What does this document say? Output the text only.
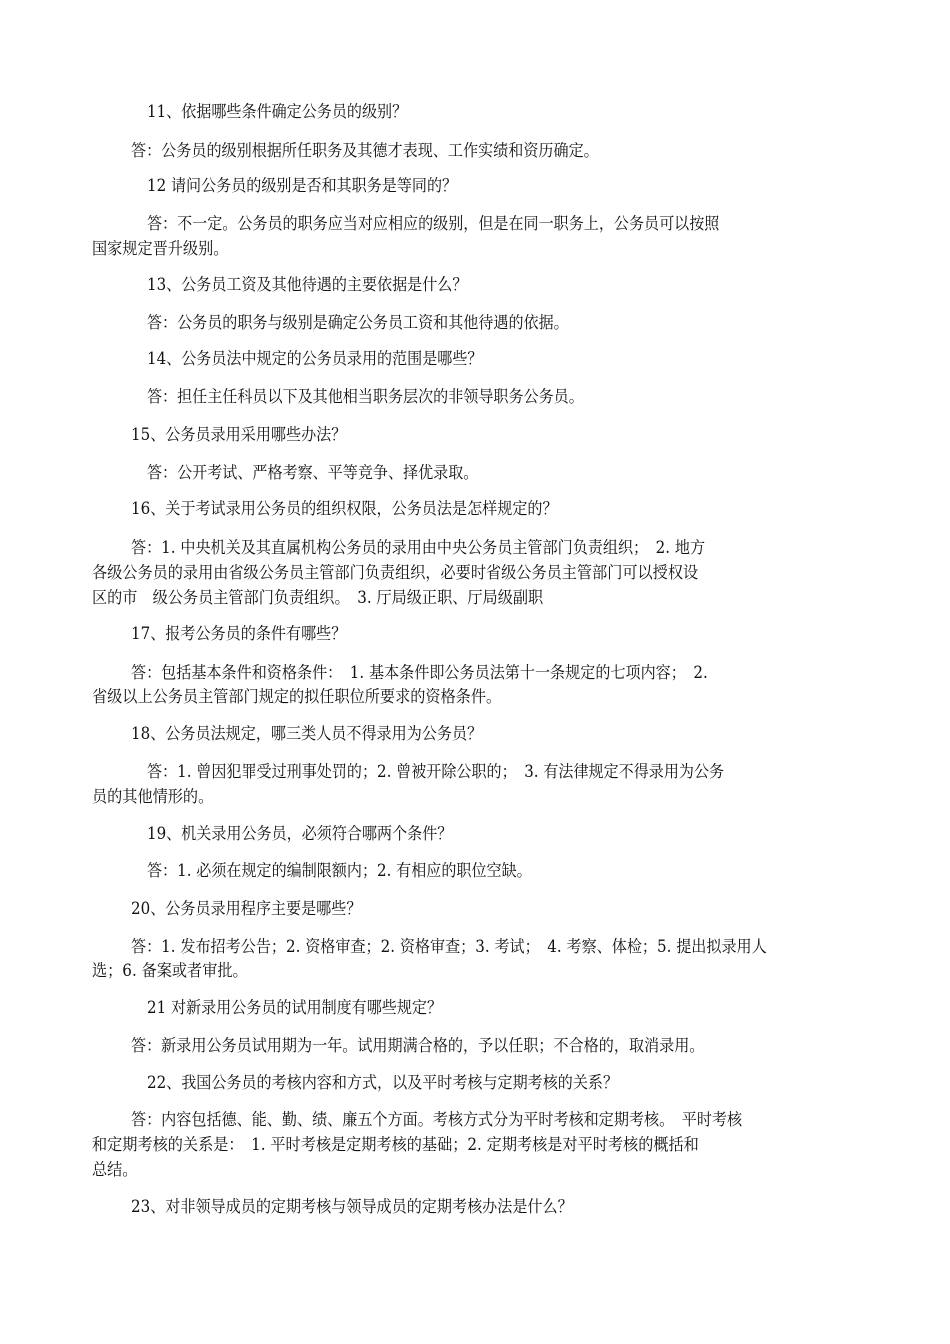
11、依据哪些条件确定公务员的级别？
答：公务员的级别根据所任职务及其德才表现、工作实绩和资历确定。
12 请问公务员的级别是否和其职务是等同的？
答：不一定。公务员的职务应当对应相应的级别，但是在同一职务上，公务员可以按照
国家规定晋升级别。
13、公务员工资及其他待遇的主要依据是什么？
答：公务员的职务与级别是确定公务员工资和其他待遇的依据。
14、公务员法中规定的公务员录用的范围是哪些？
答：担任主任科员以下及其他相当职务层次的非领导职务公务员。
15、公务员录用采用哪些办法？
答：公开考试、严格考察、平等竞争、择优录取。
16、关于考试录用公务员的组织权限，公务员法是怎样规定的？
答：1. 中央机关及其直属机构公务员的录用由中央公务员主管部门负责组织；　2. 地方
各级公务员的录用由省级公务员主管部门负责组织，必要时省级公务员主管部门可以授权设
区的市　级公务员主管部门负责组织。　3. 厅局级正职、厅局级副职
17、报考公务员的条件有哪些？
答：包括基本条件和资格条件：　1. 基本条件即公务员法第十一条规定的七项内容；　2.
省级以上公务员主管部门规定的拟任职位所要求的资格条件。
18、公务员法规定，哪三类人员不得录用为公务员？
答：1. 曾因犯罪受过刑事处罚的；2. 曾被开除公职的；　3. 有法律规定不得录用为公务
员的其他情形的。
19、机关录用公务员，必须符合哪两个条件？
答：1. 必须在规定的编制限额内；2. 有相应的职位空缺。
20、公务员录用程序主要是哪些？
答：1. 发布招考公告；2. 资格审查；2. 资格审查；3. 考试；　4. 考察、体检；5. 提出拟录用人
选；6. 备案或者审批。
21 对新录用公务员的试用制度有哪些规定？
答：新录用公务员试用期为一年。试用期满合格的，予以任职；不合格的，取消录用。
22、我国公务员的考核内容和方式，以及平时考核与定期考核的关系？
答：内容包括德、能、勤、绩、廉五个方面。考核方式分为平时考核和定期考核。　平时考核
和定期考核的关系是：　1. 平时考核是定期考核的基础；2. 定期考核是对平时考核的概括和
总结。
23、对非领导成员的定期考核与领导成员的定期考核办法是什么？
